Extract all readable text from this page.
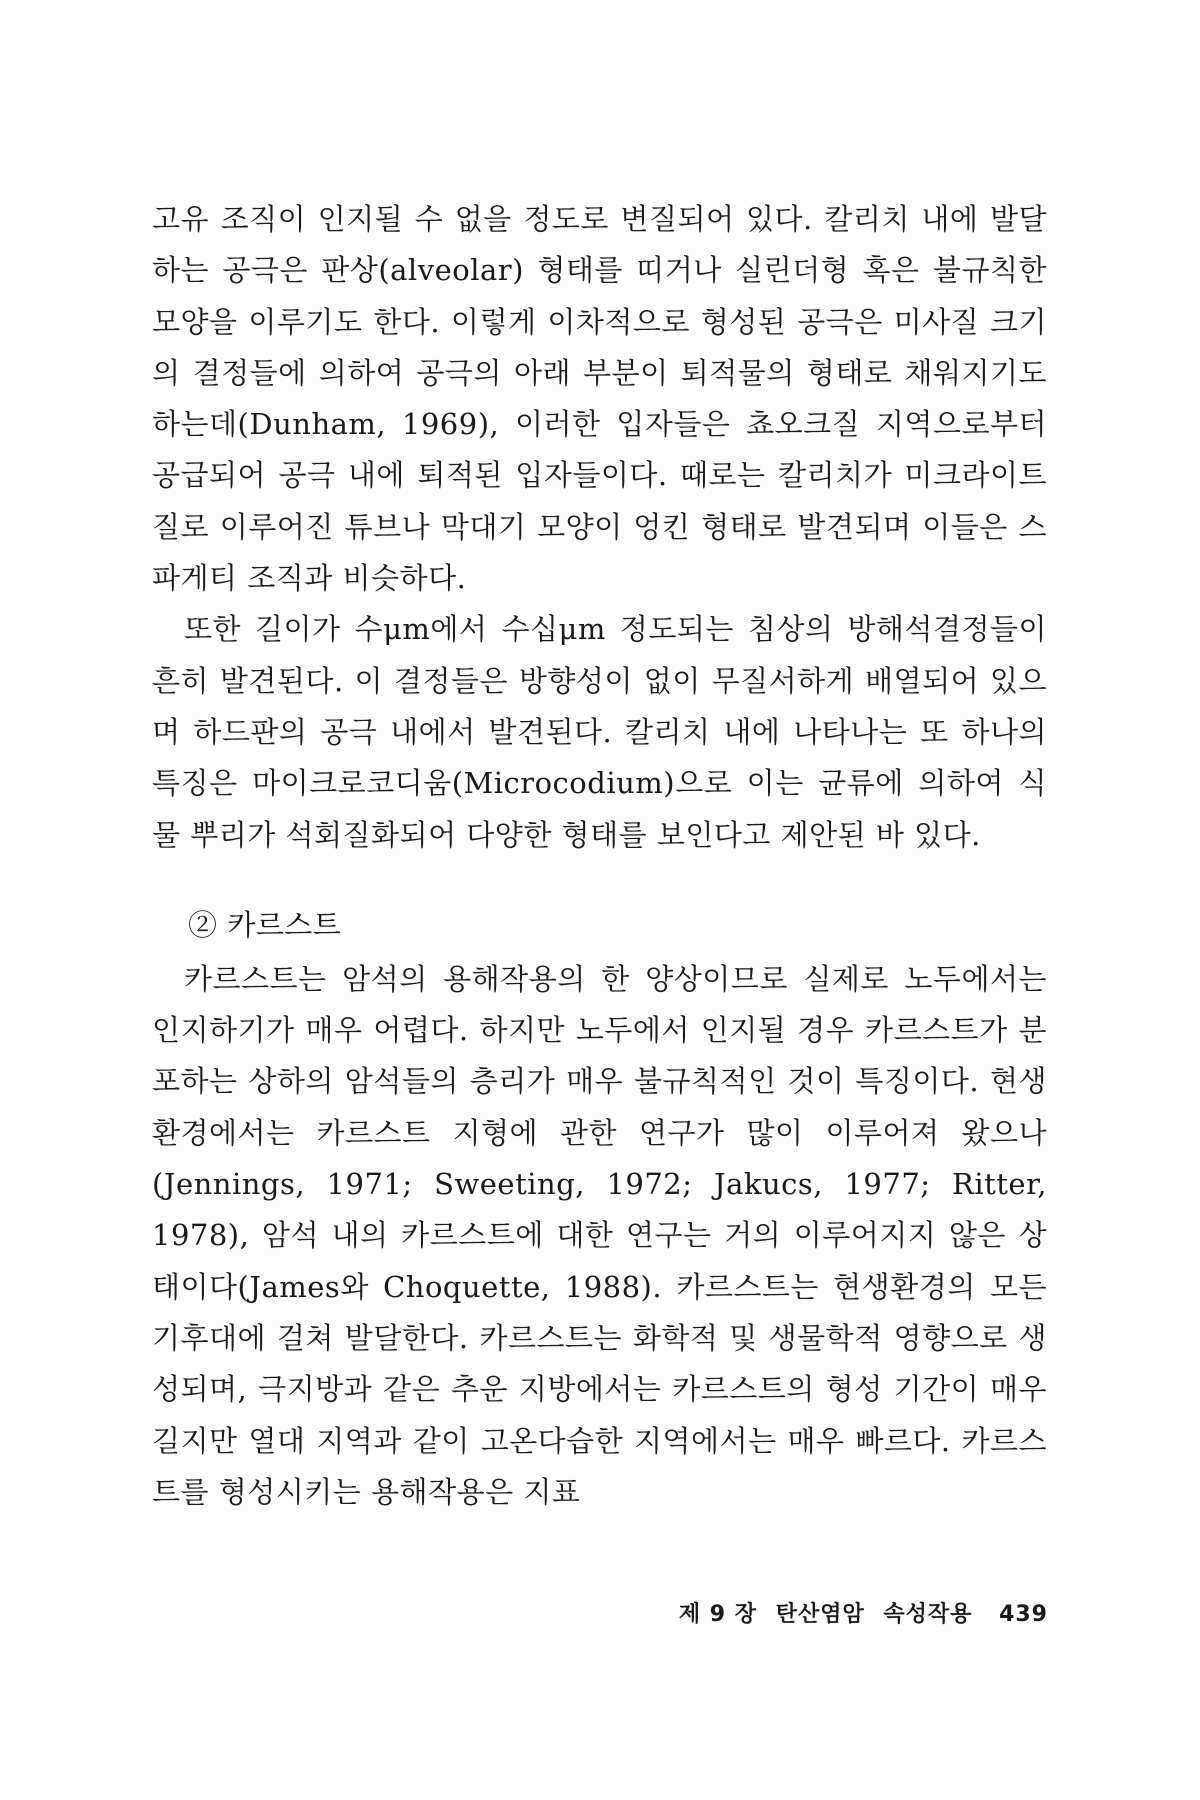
고유 조직이 인지될 수 없을 정도로 변질되어 있다. 칼리치 내에 발달하는 공극은 판상(alveolar) 형태를 띠거나 실린더형 혹은 불규칙한 모양을 이루기도 한다. 이렇게 이차적으로 형성된 공극은 미사질 크기의 결정들에 의하여 공극의 아래 부분이 퇴적물의 형태로 채워지기도 하는데(Dunham, 1969), 이러한 입자들은 쵸오크질 지역으로부터 공급되어 공극 내에 퇴적된 입자들이다. 때로는 칼리치가 미크라이트질로 이루어진 튜브나 막대기 모양이 엉킨 형태로 발견되며 이들은 스파게티 조직과 비슷하다.

또한 길이가 수μm에서 수십μm 정도되는 침상의 방해석결정들이 흔히 발견된다. 이 결정들은 방향성이 없이 무질서하게 배열되어 있으며 하드판의 공극 내에서 발견된다. 칼리치 내에 나타나는 또 하나의 특징은 마이크로코디움(Microcodium)으로 이는 균류에 의하여 식물 뿌리가 석회질화되어 다양한 형태를 보인다고 제안된 바 있다.

② 카르스트

카르스트는 암석의 용해작용의 한 양상이므로 실제로 노두에서는 인지하기가 매우 어렵다. 하지만 노두에서 인지될 경우 카르스트가 분포하는 상하의 암석들의 층리가 매우 불규칙적인 것이 특징이다. 현생환경에서는 카르스트 지형에 관한 연구가 많이 이루어져 왔으나(Jennings, 1971; Sweeting, 1972; Jakucs, 1977; Ritter, 1978), 암석 내의 카르스트에 대한 연구는 거의 이루어지지 않은 상태이다(James와 Choquette, 1988). 카르스트는 현생환경의 모든 기후대에 걸쳐 발달한다. 카르스트는 화학적 및 생물학적 영향으로 생성되며, 극지방과 같은 추운 지방에서는 카르스트의 형성 기간이 매우 길지만 열대 지역과 같이 고온다습한 지역에서는 매우 빠르다. 카르스트를 형성시키는 용해작용은 지표

제 9 장 탄산염암 속성작용 439
